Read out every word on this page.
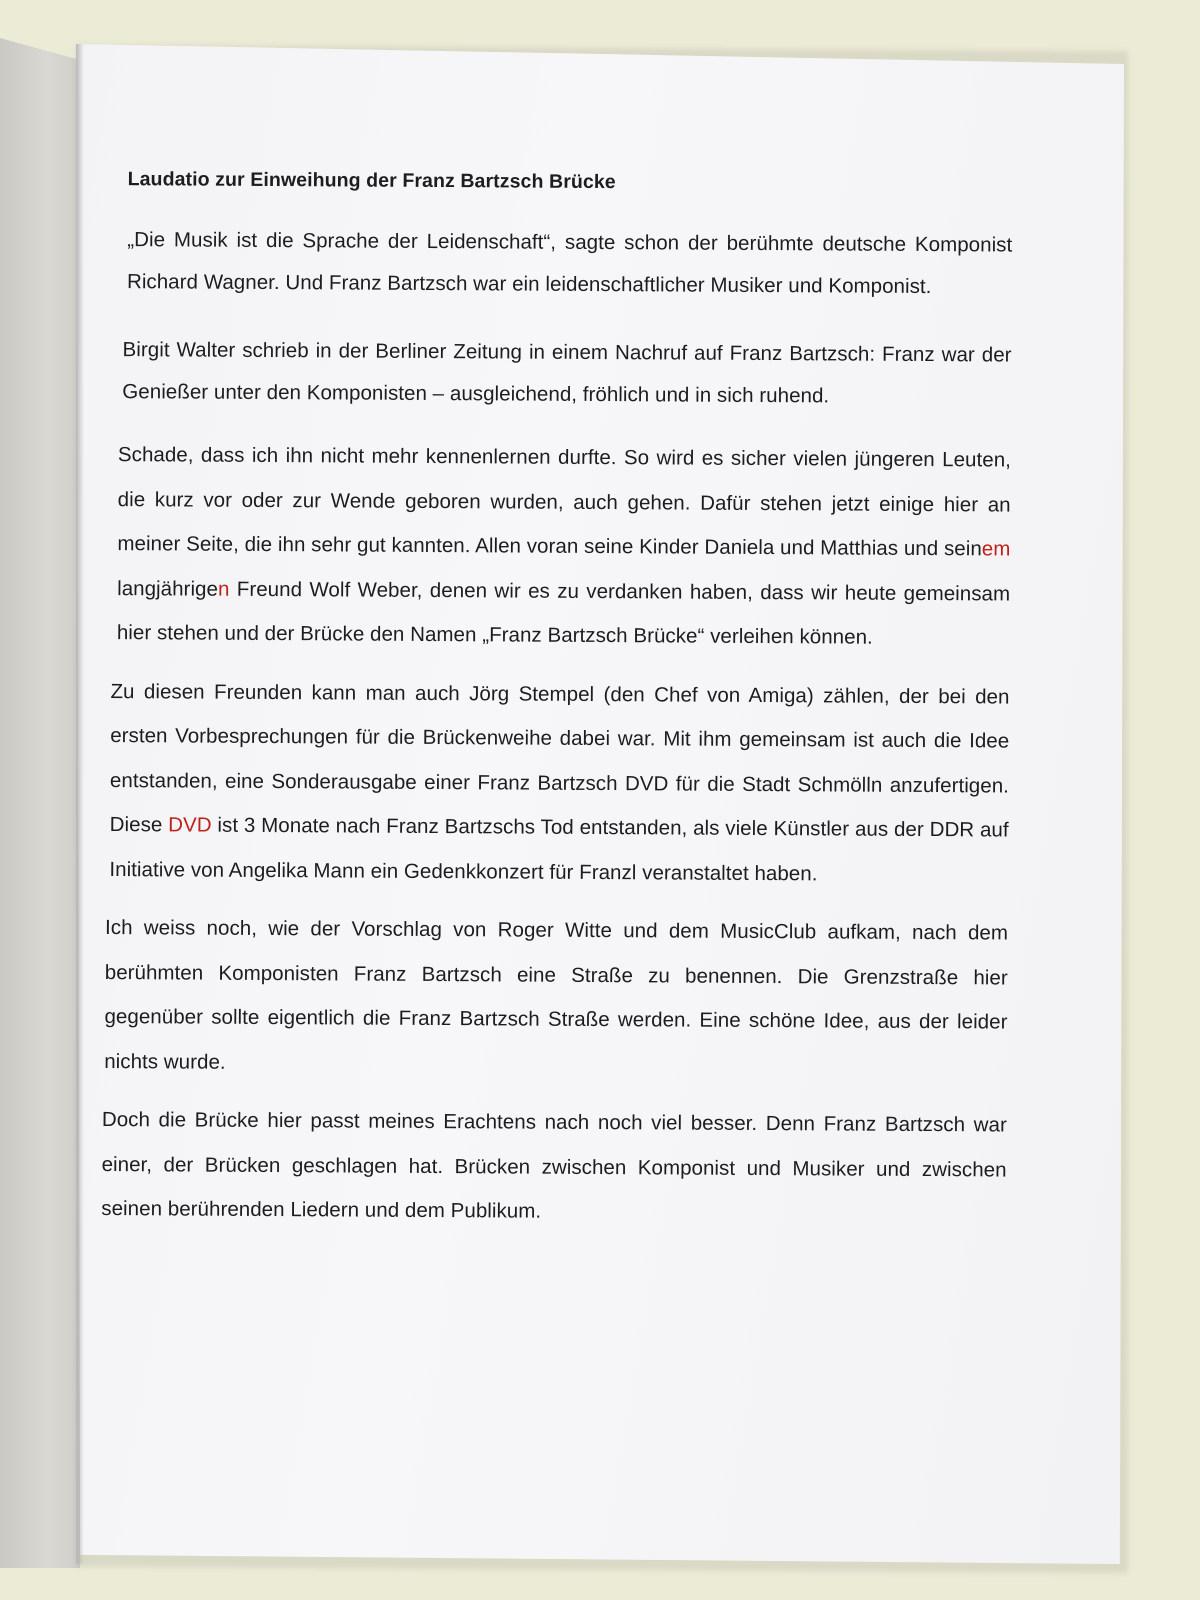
Laudatio zur Einweihung der Franz Bartzsch Brücke

„Die Musik ist die Sprache der Leidenschaft“, sagte schon der berühmte deutsche Komponist Richard Wagner. Und Franz Bartzsch war ein leidenschaftlicher Musiker und Komponist.

Birgit Walter schrieb in der Berliner Zeitung in einem Nachruf auf Franz Bartzsch: Franz war der Genießer unter den Komponisten – ausgleichend, fröhlich und in sich ruhend.

Schade, dass ich ihn nicht mehr kennenlernen durfte. So wird es sicher vielen jüngeren Leuten, die kurz vor oder zur Wende geboren wurden, auch gehen. Dafür stehen jetzt einige hier an meiner Seite, die ihn sehr gut kannten. Allen voran seine Kinder Daniela und Matthias und seinem langjährigen Freund Wolf Weber, denen wir es zu verdanken haben, dass wir heute gemeinsam hier stehen und der Brücke den Namen „Franz Bartzsch Brücke“ verleihen können.

Zu diesen Freunden kann man auch Jörg Stempel (den Chef von Amiga) zählen, der bei den ersten Vorbesprechungen für die Brückenweihe dabei war. Mit ihm gemeinsam ist auch die Idee entstanden, eine Sonderausgabe einer Franz Bartzsch DVD für die Stadt Schmölln anzufertigen. Diese DVD ist 3 Monate nach Franz Bartzschs Tod entstanden, als viele Künstler aus der DDR auf Initiative von Angelika Mann ein Gedenkkonzert für Franzl veranstaltet haben.

Ich weiss noch, wie der Vorschlag von Roger Witte und dem MusicClub aufkam, nach dem berühmten Komponisten Franz Bartzsch eine Straße zu benennen. Die Grenzstraße hier gegenüber sollte eigentlich die Franz Bartzsch Straße werden. Eine schöne Idee, aus der leider nichts wurde.

Doch die Brücke hier passt meines Erachtens nach noch viel besser. Denn Franz Bartzsch war einer, der Brücken geschlagen hat. Brücken zwischen Komponist und Musiker und zwischen seinen berührenden Liedern und dem Publikum.
